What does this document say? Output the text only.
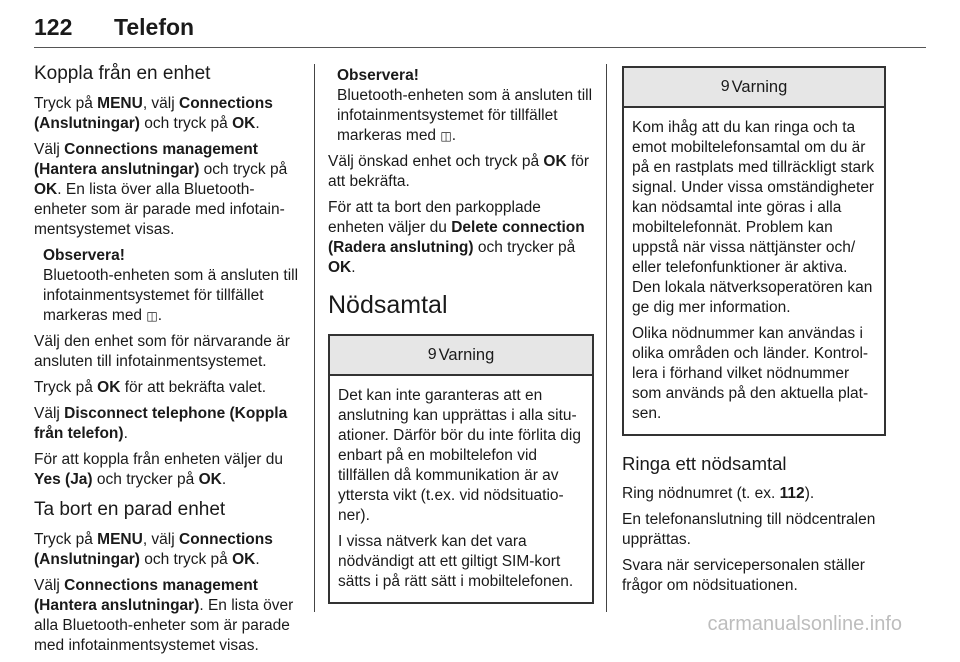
122 Telefon
Koppla från en enhet

Tryck på MENU, välj Connections (Anslutningar) och tryck på OK.

Välj Connections management (Hantera anslutningar) och tryck på OK. En lista över alla Bluetooth-enheter som är parade med infotainmentsystemet visas.

Observera!
Bluetooth-enheten som ä ansluten till infotainmentsystemet för tillfället markeras med ◫.

Välj den enhet som för närvarande är ansluten till infotainmentsystemet.

Tryck på OK för att bekräfta valet.

Välj Disconnect telephone (Koppla från telefon).

För att koppla från enheten väljer du Yes (Ja) och trycker på OK.

Ta bort en parad enhet

Tryck på MENU, välj Connections (Anslutningar) och tryck på OK.

Välj Connections management (Hantera anslutningar). En lista över alla Bluetooth-enheter som är parade med infotainmentsystemet visas.

Observera!
Bluetooth-enheten som ä ansluten till infotainmentsystemet för tillfället markeras med ◫.

Välj önskad enhet och tryck på OK för att bekräfta.

För att ta bort den parkopplade enheten väljer du Delete connection (Radera anslutning) och trycker på OK.

Nödsamtal
9 Varning

Det kan inte garanteras att en anslutning kan upprättas i alla situationer. Därför bör du inte förlita dig enbart på en mobiltelefon vid tillfällen då kommunikation är av yttersta vikt (t.ex. vid nödsituationer).

I vissa nätverk kan det vara nödvändigt att ett giltigt SIM-kort sätts i på rätt sätt i mobiltelefonen.

9 Varning

Kom ihåg att du kan ringa och ta emot mobiltelefonsamtal om du är på en rastplats med tillräckligt stark signal. Under vissa omständigheter kan nödsamtal inte göras i alla mobiltelefonnät. Problem kan uppstå när vissa nättjänster och/ eller telefonfunktioner är aktiva. Den lokala nätverksoperatören kan ge dig mer information.

Olika nödnummer kan användas i olika områden och länder. Kontrollera i förhand vilket nödnummer som används på den aktuella platsen.

Ringa ett nödsamtal

Ring nödnumret (t. ex. 112).

En telefonanslutning till nödcentralen upprättas.

Svara när servicepersonalen ställer frågor om nödsituationen.

carmanualsonline.info
